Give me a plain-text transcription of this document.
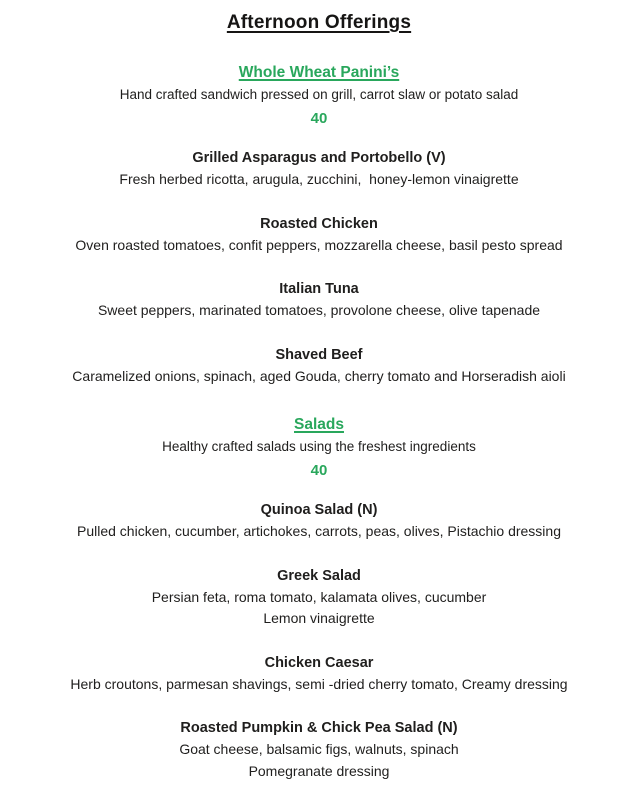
Afternoon Offerings
Whole Wheat Panini’s
Hand crafted sandwich pressed on grill, carrot slaw or potato salad
40
Grilled Asparagus and Portobello (V)
Fresh herbed ricotta, arugula, zucchini,  honey-lemon vinaigrette
Roasted Chicken
Oven roasted tomatoes, confit peppers, mozzarella cheese, basil pesto spread
Italian Tuna
Sweet peppers, marinated tomatoes, provolone cheese, olive tapenade
Shaved Beef
Caramelized onions, spinach, aged Gouda, cherry tomato and Horseradish aioli
Salads
Healthy crafted salads using the freshest ingredients
40
Quinoa Salad (N)
Pulled chicken, cucumber, artichokes, carrots, peas, olives, Pistachio dressing
Greek Salad
Persian feta, roma tomato, kalamata olives, cucumber
Lemon vinaigrette
Chicken Caesar
Herb croutons, parmesan shavings, semi -dried cherry tomato, Creamy dressing
Roasted Pumpkin & Chick Pea Salad (N)
Goat cheese, balsamic figs, walnuts, spinach
Pomegranate dressing
